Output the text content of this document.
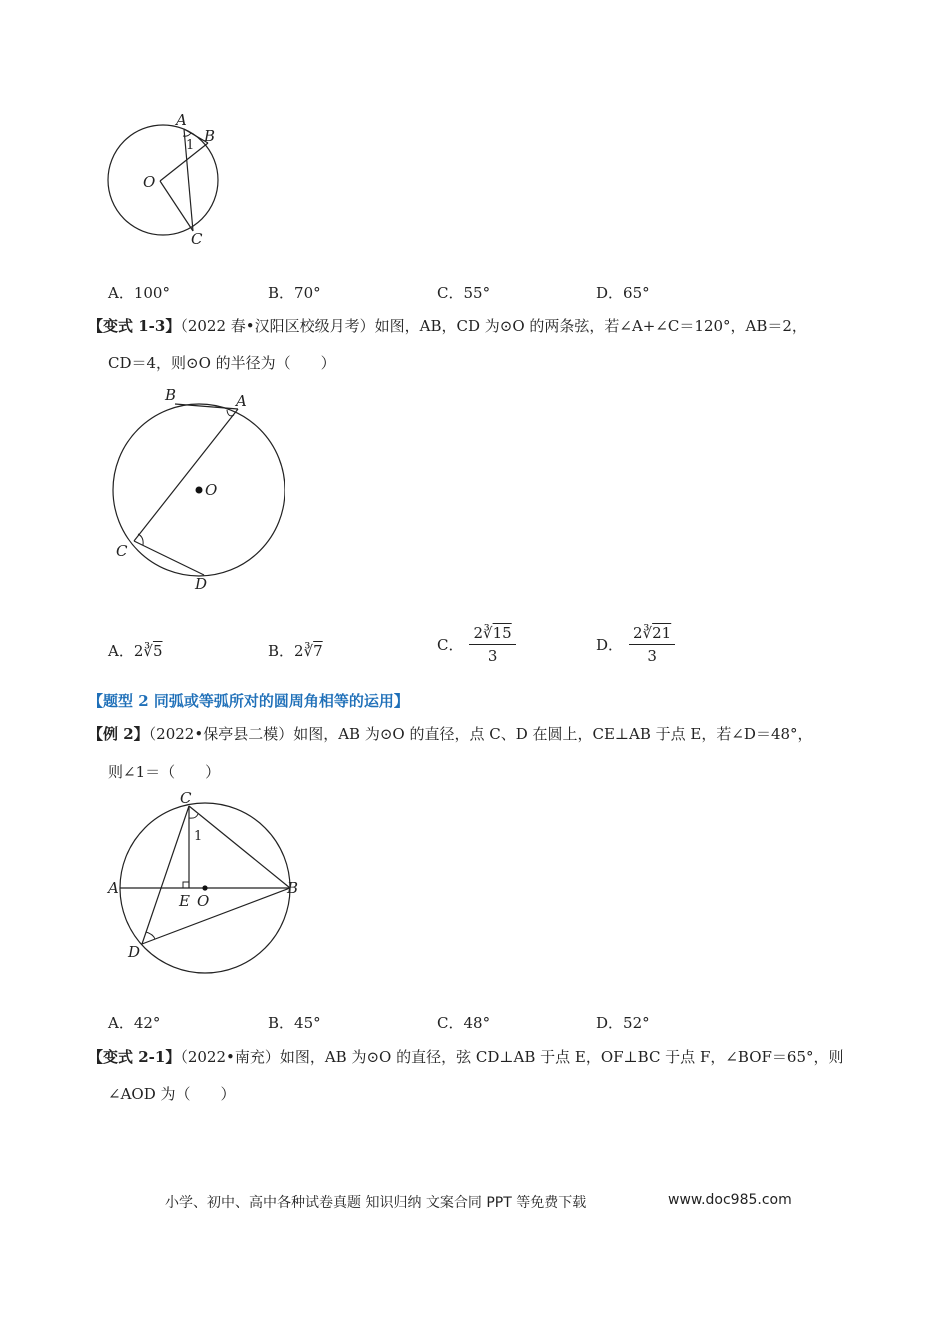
A
B
O
C
1
A．100°	B．70°	C．55°	D．65°
【变式 1-3】（2022 春•汉阳区校级月考）如图，AB，CD 为⊙O 的两条弦，若∠A+∠C＝120°，AB＝2，
CD＝4，则⊙O 的半径为（　　）
B	A
O
C
D
A．2∛5	B．2∛7	C． $\frac{2∛15}{3}$	D． $\frac{2∛21}{3}$
【题型 2 同弧或等弧所对的圆周角相等的运用】
【例 2】（2022•保亭县二模）如图，AB 为⊙O 的直径，点 C、D 在圆上，CE⊥AB 于点 E，若∠D＝48°，
则∠1＝（　　）
C
1
A	B
E O
D
A．42°	B．45°	C．48°	D．52°
【变式 2-1】（2022•南充）如图，AB 为⊙O 的直径，弦 CD⊥AB 于点 E，OF⊥BC 于点 F，∠BOF＝65°，则
∠AOD 为（　　）
小学、初中、高中各种试卷真题 知识归纳 文案合同 PPT 等免费下载	www.doc985.com
